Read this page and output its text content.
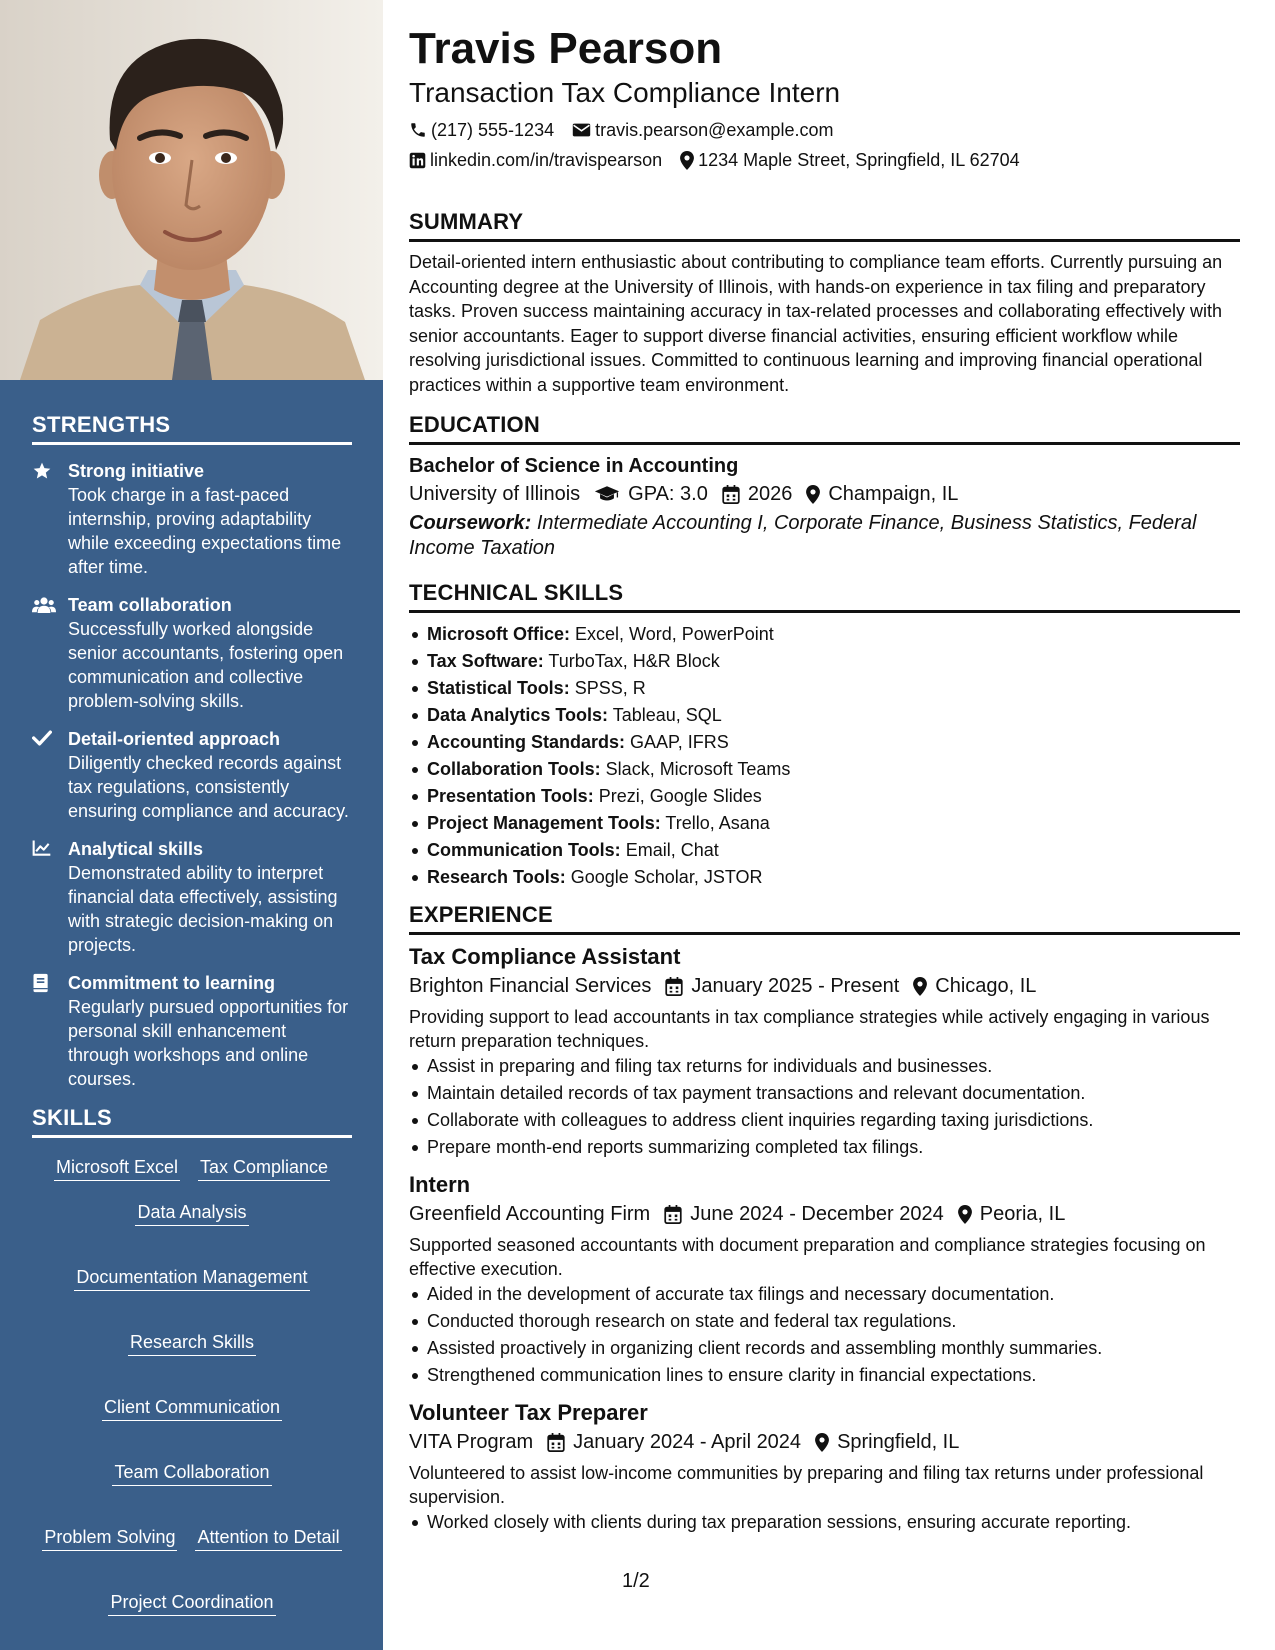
STRENGTHS
Strong initiative
Took charge in a fast-paced internship, proving adaptability while exceeding expectations time after time.
Team collaboration
Successfully worked alongside senior accountants, fostering open communication and collective problem-solving skills.
Detail-oriented approach
Diligently checked records against tax regulations, consistently ensuring compliance and accuracy.
Analytical skills
Demonstrated ability to interpret financial data effectively, assisting with strategic decision-making on projects.
Commitment to learning
Regularly pursued opportunities for personal skill enhancement through workshops and online courses.
SKILLS
Microsoft Excel Tax Compliance
Data Analysis
Documentation Management
Research Skills
Client Communication
Team Collaboration
Problem Solving Attention to Detail
Project Coordination
Travis Pearson
Transaction Tax Compliance Intern
(217) 555-1234 travis.pearson@example.com
linkedin.com/in/travispearson 1234 Maple Street, Springfield, IL 62704
SUMMARY
Detail-oriented intern enthusiastic about contributing to compliance team efforts. Currently pursuing an Accounting degree at the University of Illinois, with hands-on experience in tax filing and preparatory tasks. Proven success maintaining accuracy in tax-related processes and collaborating effectively with senior accountants. Eager to support diverse financial activities, ensuring efficient workflow while resolving jurisdictional issues. Committed to continuous learning and improving financial operational practices within a supportive team environment.
EDUCATION
Bachelor of Science in Accounting
University of Illinois GPA: 3.0 2026 Champaign, IL
Coursework: Intermediate Accounting I, Corporate Finance, Business Statistics, Federal Income Taxation
TECHNICAL SKILLS
Microsoft Office: Excel, Word, PowerPoint
Tax Software: TurboTax, H&R Block
Statistical Tools: SPSS, R
Data Analytics Tools: Tableau, SQL
Accounting Standards: GAAP, IFRS
Collaboration Tools: Slack, Microsoft Teams
Presentation Tools: Prezi, Google Slides
Project Management Tools: Trello, Asana
Communication Tools: Email, Chat
Research Tools: Google Scholar, JSTOR
EXPERIENCE
Tax Compliance Assistant
Brighton Financial Services January 2025 - Present Chicago, IL
Providing support to lead accountants in tax compliance strategies while actively engaging in various return preparation techniques.
Assist in preparing and filing tax returns for individuals and businesses.
Maintain detailed records of tax payment transactions and relevant documentation.
Collaborate with colleagues to address client inquiries regarding taxing jurisdictions.
Prepare month-end reports summarizing completed tax filings.
Intern
Greenfield Accounting Firm June 2024 - December 2024 Peoria, IL
Supported seasoned accountants with document preparation and compliance strategies focusing on effective execution.
Aided in the development of accurate tax filings and necessary documentation.
Conducted thorough research on state and federal tax regulations.
Assisted proactively in organizing client records and assembling monthly summaries.
Strengthened communication lines to ensure clarity in financial expectations.
Volunteer Tax Preparer
VITA Program January 2024 - April 2024 Springfield, IL
Volunteered to assist low-income communities by preparing and filing tax returns under professional supervision.
Worked closely with clients during tax preparation sessions, ensuring accurate reporting.
1/2
